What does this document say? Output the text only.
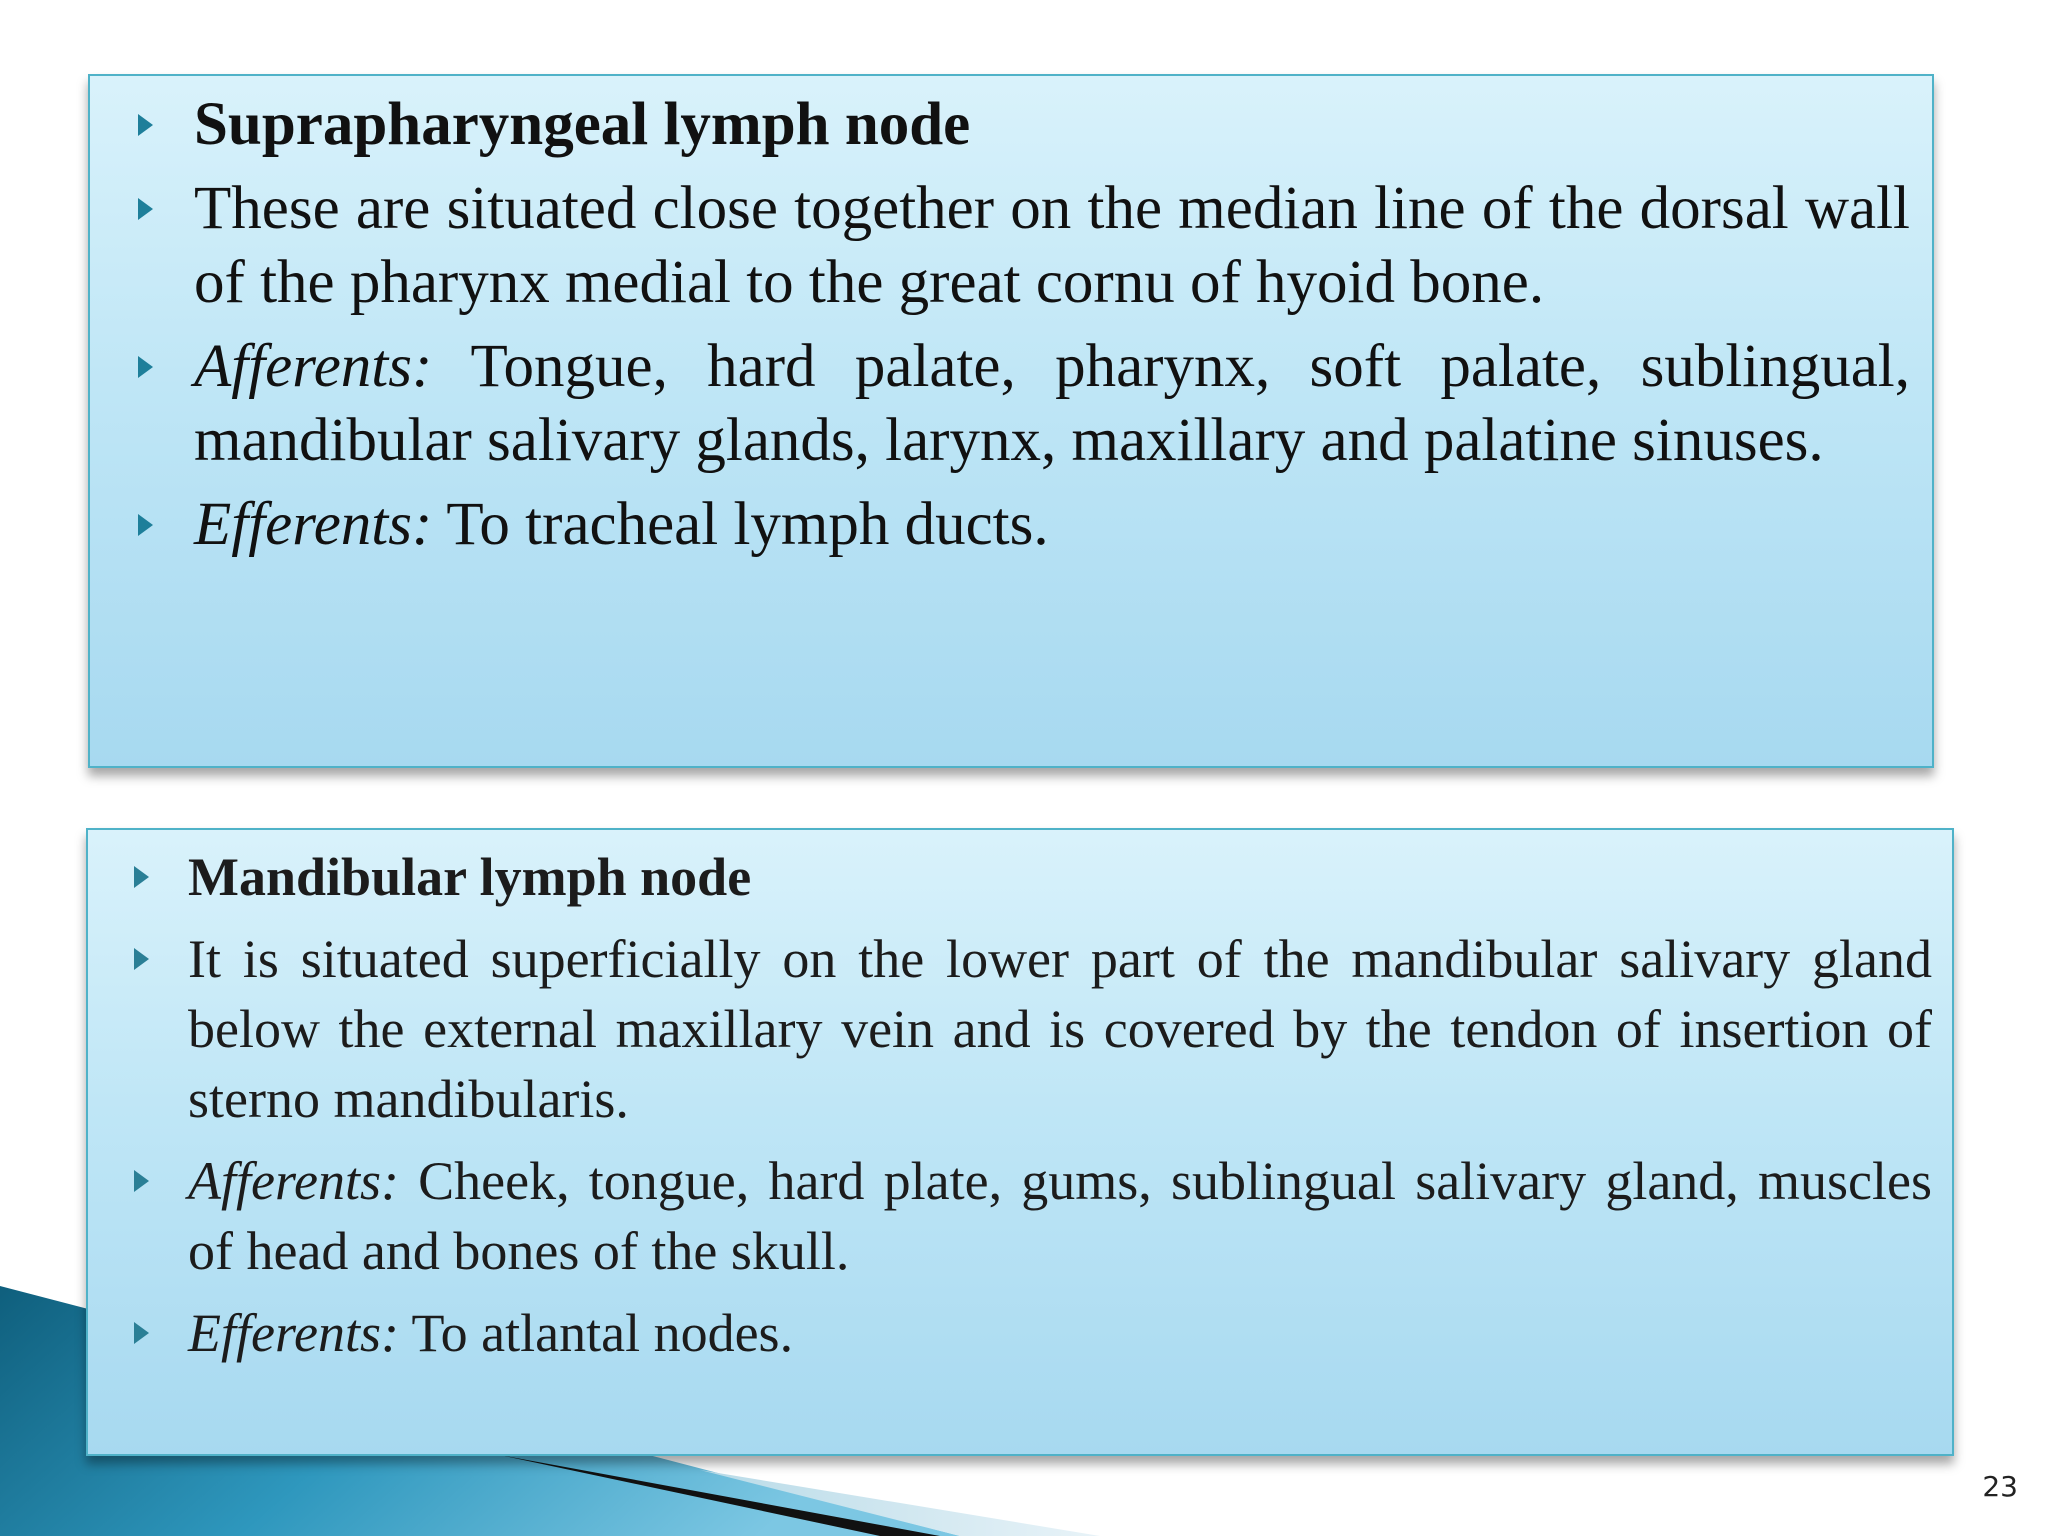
Suprapharyngeal lymph node
These are situated close together on the median line of the dorsal wall of the pharynx medial to the great cornu of hyoid bone.
Afferents: Tongue, hard palate, pharynx, soft palate, sublingual, mandibular salivary glands, larynx, maxillary and palatine sinuses.
Efferents: To tracheal lymph ducts.
Mandibular lymph node
It is situated superficially on the lower part of the mandibular salivary gland below the external maxillary vein and is covered by the tendon of insertion of sterno mandibularis.
Afferents: Cheek, tongue, hard plate, gums, sublingual salivary gland, muscles of head and bones of the skull.
Efferents: To atlantal nodes.
23
